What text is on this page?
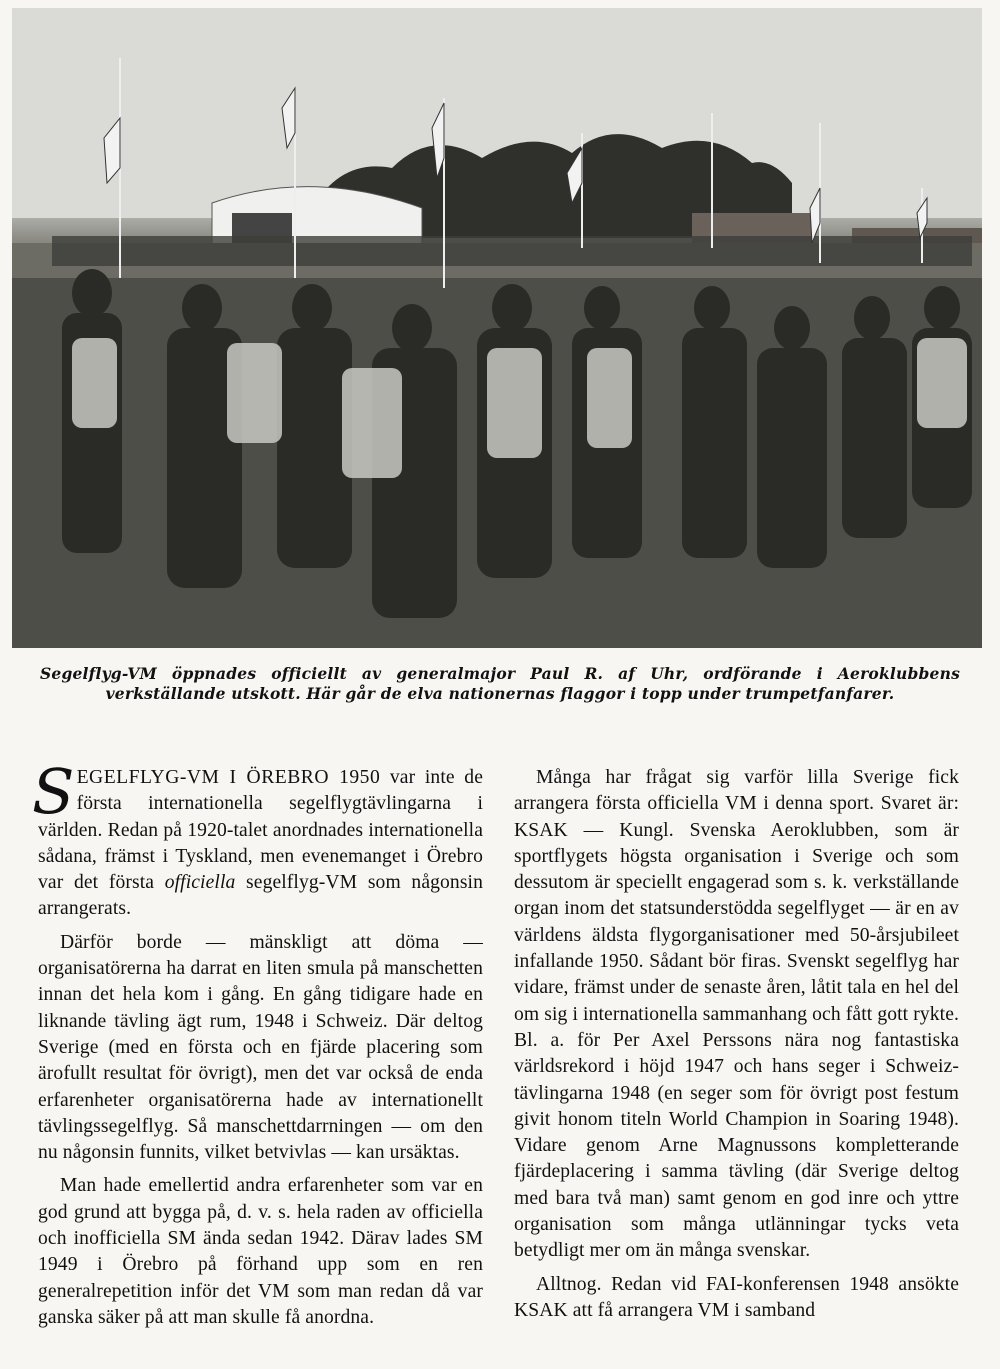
Segelflyg-VM öppnades officiellt av generalmajor Paul R. af Uhr, ordförande i Aeroklubbens verkställande utskott. Här går de elva nationernas flaggor i topp under trumpetfanfarer.

SEGELFLYG-VM I ÖREBRO 1950 var inte de första internationella segelflygtävlingarna i världen. Redan på 1920-talet anordnades internationella sådana, främst i Tyskland, men evenemanget i Örebro var det första officiella segelflyg-VM som någonsin arrangerats.

Därför borde — mänskligt att döma — organisatörerna ha darrat en liten smula på manschetten innan det hela kom i gång. En gång tidigare hade en liknande tävling ägt rum, 1948 i Schweiz. Där deltog Sverige (med en första och en fjärde placering som ärofullt resultat för övrigt), men det var också de enda erfarenheter organisatörerna hade av internationellt tävlingssegelflyg. Så manschettdarrningen — om den nu någonsin funnits, vilket betvivlas — kan ursäktas.

Man hade emellertid andra erfarenheter som var en god grund att bygga på, d. v. s. hela raden av officiella och inofficiella SM ända sedan 1942. Därav lades SM 1949 i Örebro på förhand upp som en ren generalrepetition inför det VM som man redan då var ganska säker på att man skulle få anordna.

Många har frågat sig varför lilla Sverige fick arrangera första officiella VM i denna sport. Svaret är: KSAK — Kungl. Svenska Aeroklubben, som är sportflygets högsta organisation i Sverige och som dessutom är speciellt engagerad som s. k. verkställande organ inom det statsunderstödda segelflyget — är en av världens äldsta flygorganisationer med 50-årsjubileet infallande 1950. Sådant bör firas. Svenskt segelflyg har vidare, främst under de senaste åren, låtit tala en hel del om sig i internationella sammanhang och fått gott rykte. Bl. a. för Per Axel Perssons nära nog fantastiska världsrekord i höjd 1947 och hans seger i Schweiz-tävlingarna 1948 (en seger som för övrigt post festum givit honom titeln World Champion in Soaring 1948). Vidare genom Arne Magnussons kompletterande fjärdeplacering i samma tävling (där Sverige deltog med bara två man) samt genom en god inre och yttre organisation som många utlänningar tycks veta betydligt mer om än många svenskar.

Alltnog. Redan vid FAI-konferensen 1948 ansökte KSAK att få arrangera VM i samband
